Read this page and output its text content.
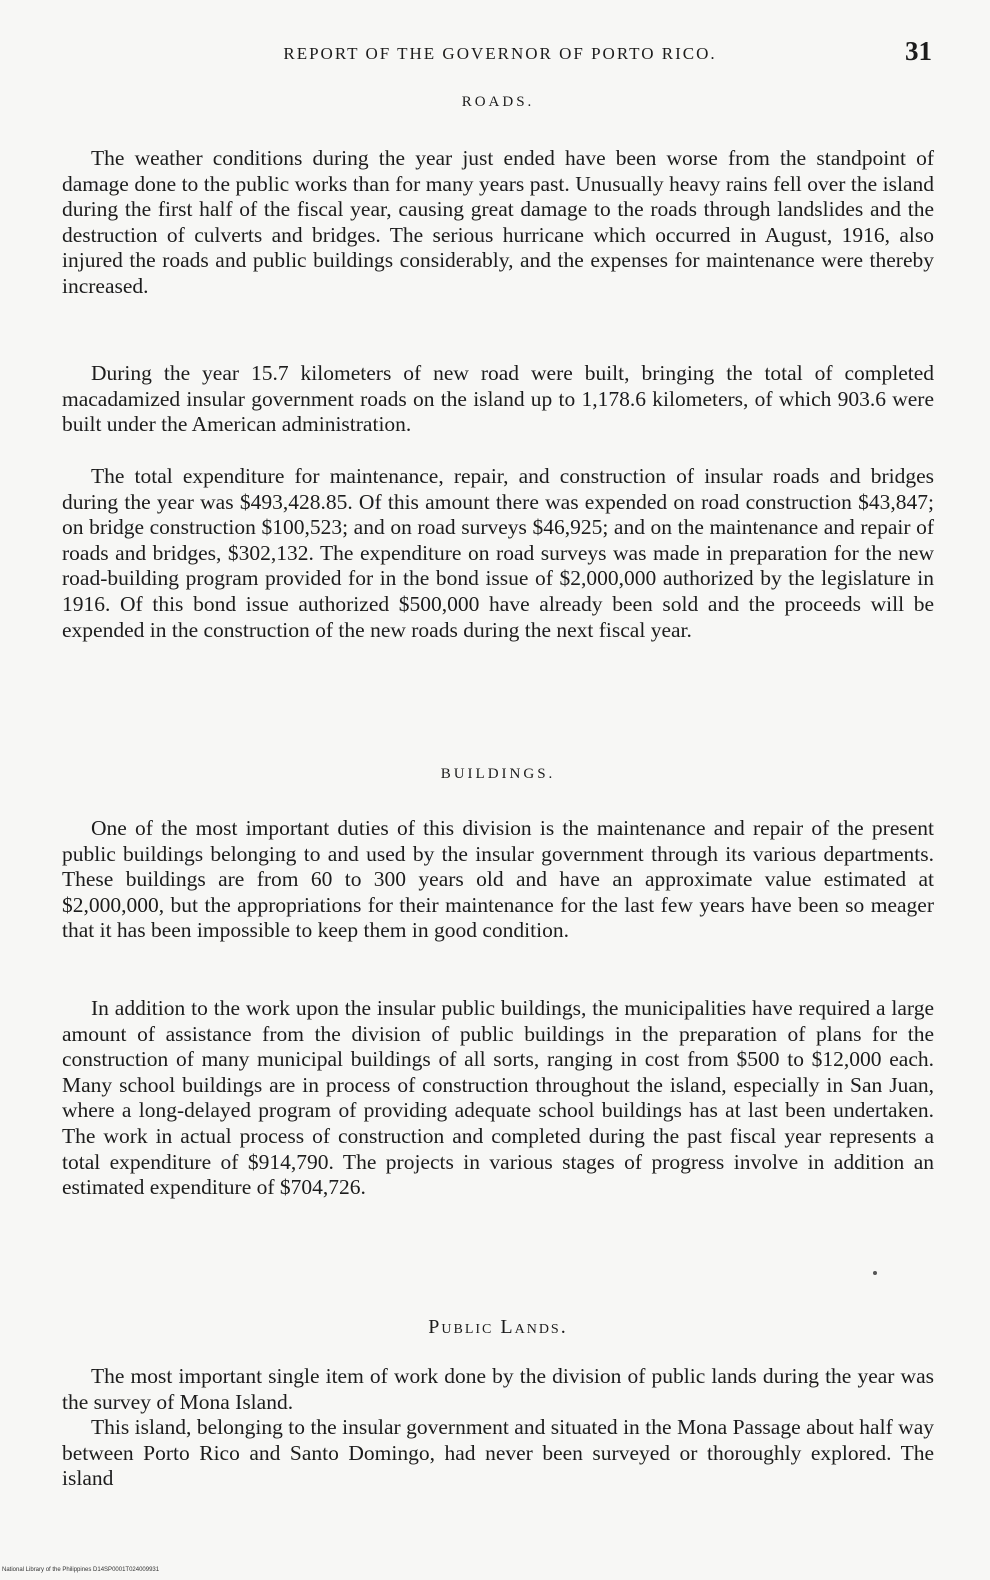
REPORT OF THE GOVERNOR OF PORTO RICO.	31
ROADS.

The weather conditions during the year just ended have been worse from the standpoint of damage done to the public works than for many years past. Unusually heavy rains fell over the island during the first half of the fiscal year, causing great damage to the roads through landslides and the destruction of culverts and bridges. The serious hurricane which occurred in August, 1916, also injured the roads and public buildings considerably, and the expenses for maintenance were thereby increased.

During the year 15.7 kilometers of new road were built, bringing the total of completed macadamized insular government roads on the island up to 1,178.6 kilometers, of which 903.6 were built under the American administration.

The total expenditure for maintenance, repair, and construction of insular roads and bridges during the year was $493,428.85. Of this amount there was expended on road construction $43,847; on bridge construction $100,523; and on road surveys $46,925; and on the maintenance and repair of roads and bridges, $302,132. The expenditure on road surveys was made in preparation for the new road-building program provided for in the bond issue of $2,000,000 authorized by the legislature in 1916. Of this bond issue authorized $500,000 have already been sold and the proceeds will be expended in the construction of the new roads during the next fiscal year.

BUILDINGS.

One of the most important duties of this division is the maintenance and repair of the present public buildings belonging to and used by the insular government through its various departments. These buildings are from 60 to 300 years old and have an approximate value estimated at $2,000,000, but the appropriations for their maintenance for the last few years have been so meager that it has been impossible to keep them in good condition.

In addition to the work upon the insular public buildings, the municipalities have required a large amount of assistance from the division of public buildings in the preparation of plans for the construction of many municipal buildings of all sorts, ranging in cost from $500 to $12,000 each. Many school buildings are in process of construction throughout the island, especially in San Juan, where a long-delayed program of providing adequate school buildings has at last been undertaken. The work in actual process of construction and completed during the past fiscal year represents a total expenditure of $914,790. The projects in various stages of progress involve in addition an estimated expenditure of $704,726.

Public Lands.

The most important single item of work done by the division of public lands during the year was the survey of Mona Island.

This island, belonging to the insular government and situated in the Mona Passage about half way between Porto Rico and Santo Domingo, had never been surveyed or thoroughly explored. The island

National Library of the Philippines D14SP0001T024009931
